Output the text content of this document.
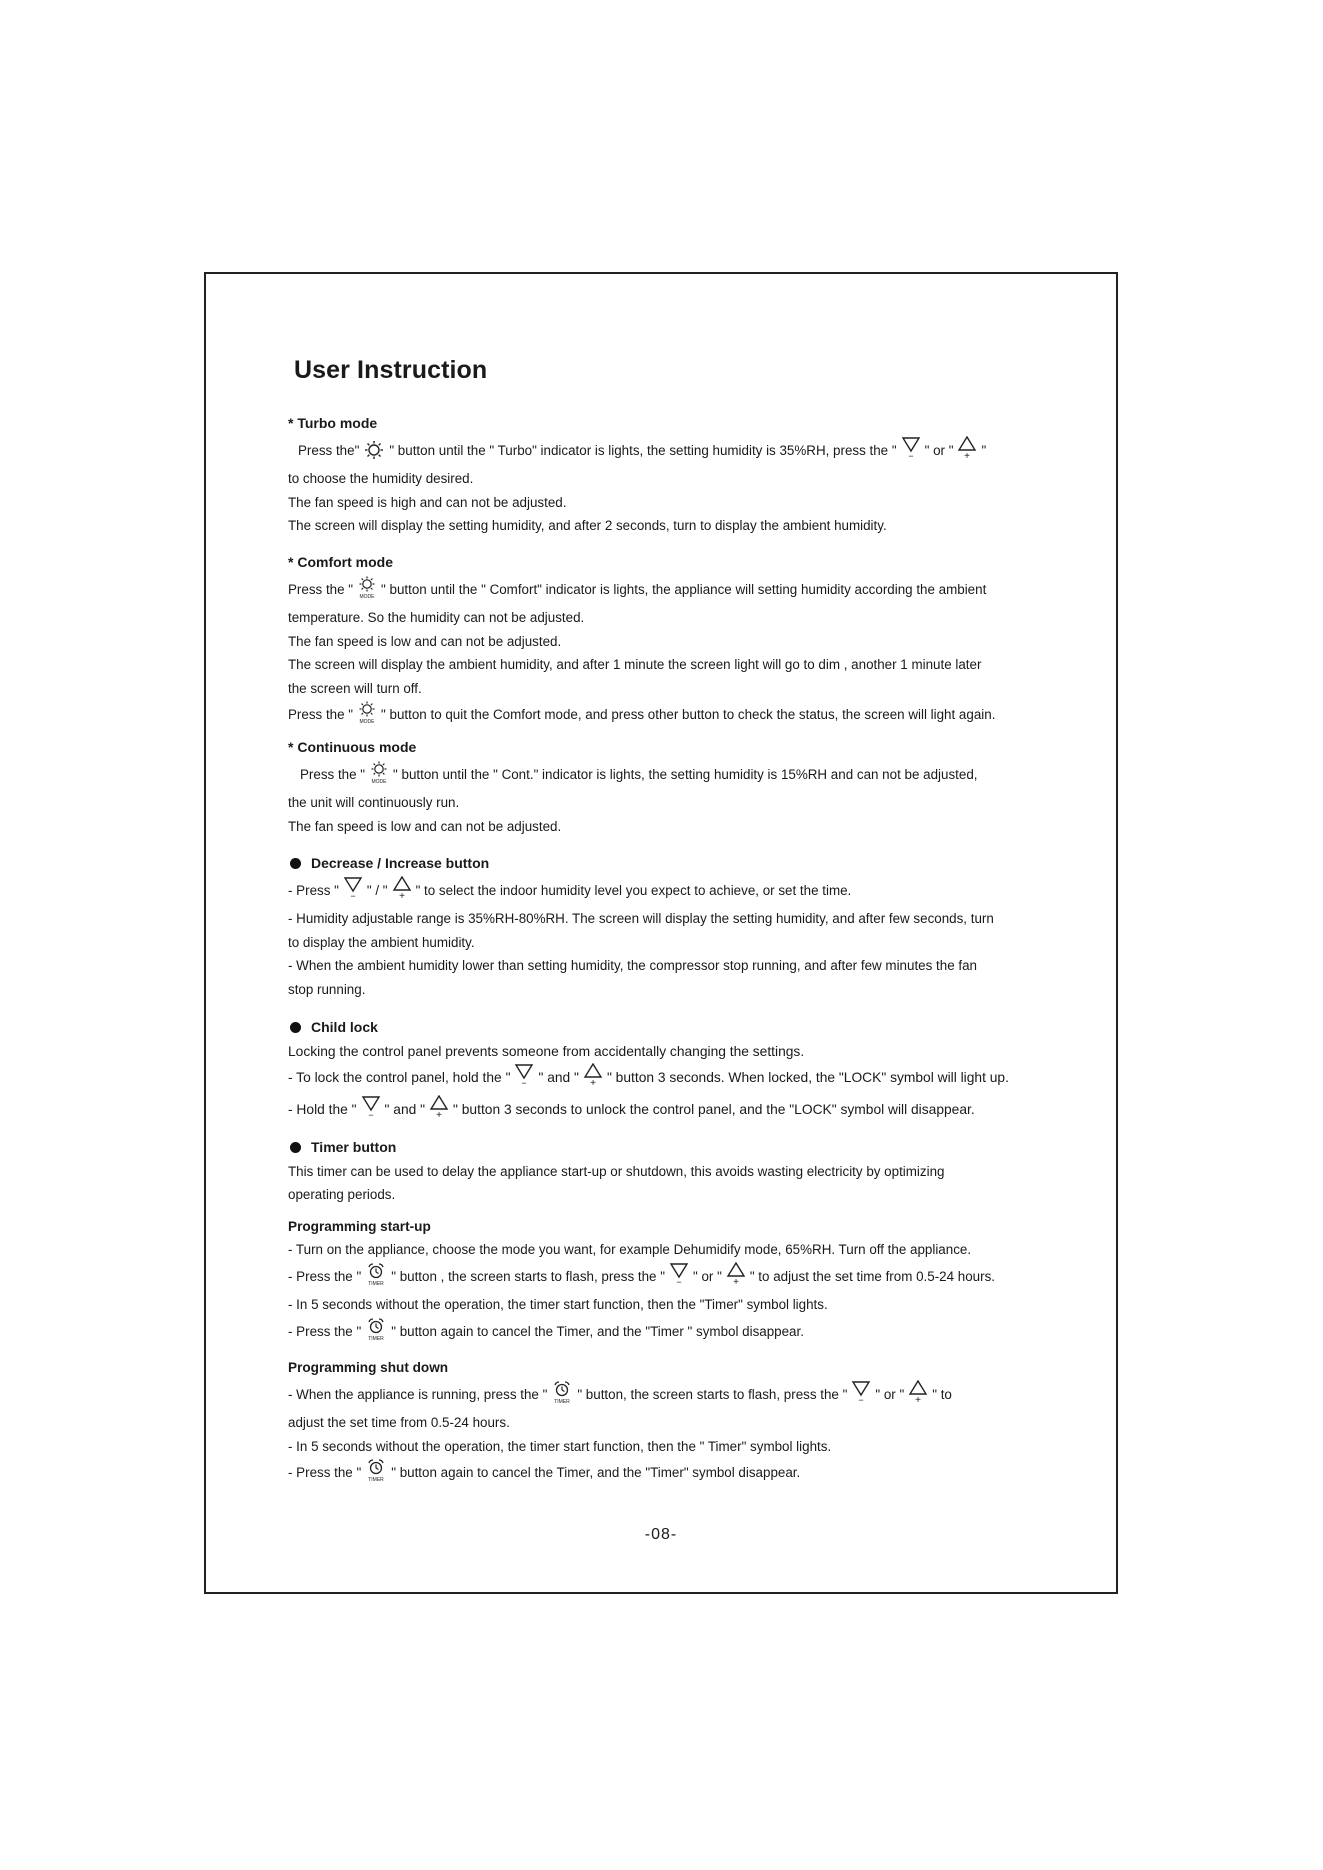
User Instruction
* Turbo mode
Press the" " button until the " Turbo" indicator is lights, the setting humidity is 35%RH, press the " − " or " + "
to choose the humidity desired.
The fan speed is high and can not be adjusted.
The screen will display the setting humidity, and after 2 seconds, turn to display the ambient humidity.
* Comfort mode
Press the " MODE " button until the " Comfort" indicator is lights, the appliance will setting humidity according the ambient
temperature. So the humidity can not be adjusted.
The fan speed is low and can not be adjusted.
The screen will display the ambient humidity, and after 1 minute the screen light will go to dim , another 1 minute later
the screen will turn off.
Press the " MODE " button to quit the Comfort mode, and press other button to check the status, the screen will light again.
* Continuous mode
Press the " MODE " button until the " Cont." indicator is lights, the setting humidity is 15%RH and can not be adjusted,
the unit will continuously run.
The fan speed is low and can not be adjusted.
Decrease / Increase button
- Press " − " / " + " to select the indoor humidity level you expect to achieve, or set the time.
- Humidity adjustable range is 35%RH-80%RH. The screen will display the setting humidity, and after few seconds, turn
to display the ambient humidity.
- When the ambient humidity lower than setting humidity, the compressor stop running, and after few minutes the fan
stop running.
Child lock
Locking the control panel prevents someone from accidentally changing the settings.
- To lock the control panel, hold the " − " and " + " button 3 seconds. When locked, the "LOCK" symbol will light up.
- Hold the " − " and " + " button 3 seconds to unlock the control panel, and the "LOCK" symbol will disappear.
Timer button
This timer can be used to delay the appliance start-up or shutdown, this avoids wasting electricity by optimizing
operating periods.
Programming start-up
- Turn on the appliance, choose the mode you want, for example Dehumidify mode, 65%RH. Turn off the appliance.
- Press the " TIMER " button , the screen starts to flash, press the " − " or " + " to adjust the set time from 0.5-24 hours.
- In 5 seconds without the operation, the timer start function, then the "Timer" symbol lights.
- Press the " TIMER " button again to cancel the Timer, and the "Timer " symbol disappear.
Programming shut down
- When the appliance is running, press the " TIMER " button, the screen starts to flash, press the " − " or " + " to
adjust the set time from 0.5-24 hours.
- In 5 seconds without the operation, the timer start function, then the " Timer" symbol lights.
- Press the " TIMER " button again to cancel the Timer, and the "Timer" symbol disappear.
-08-
